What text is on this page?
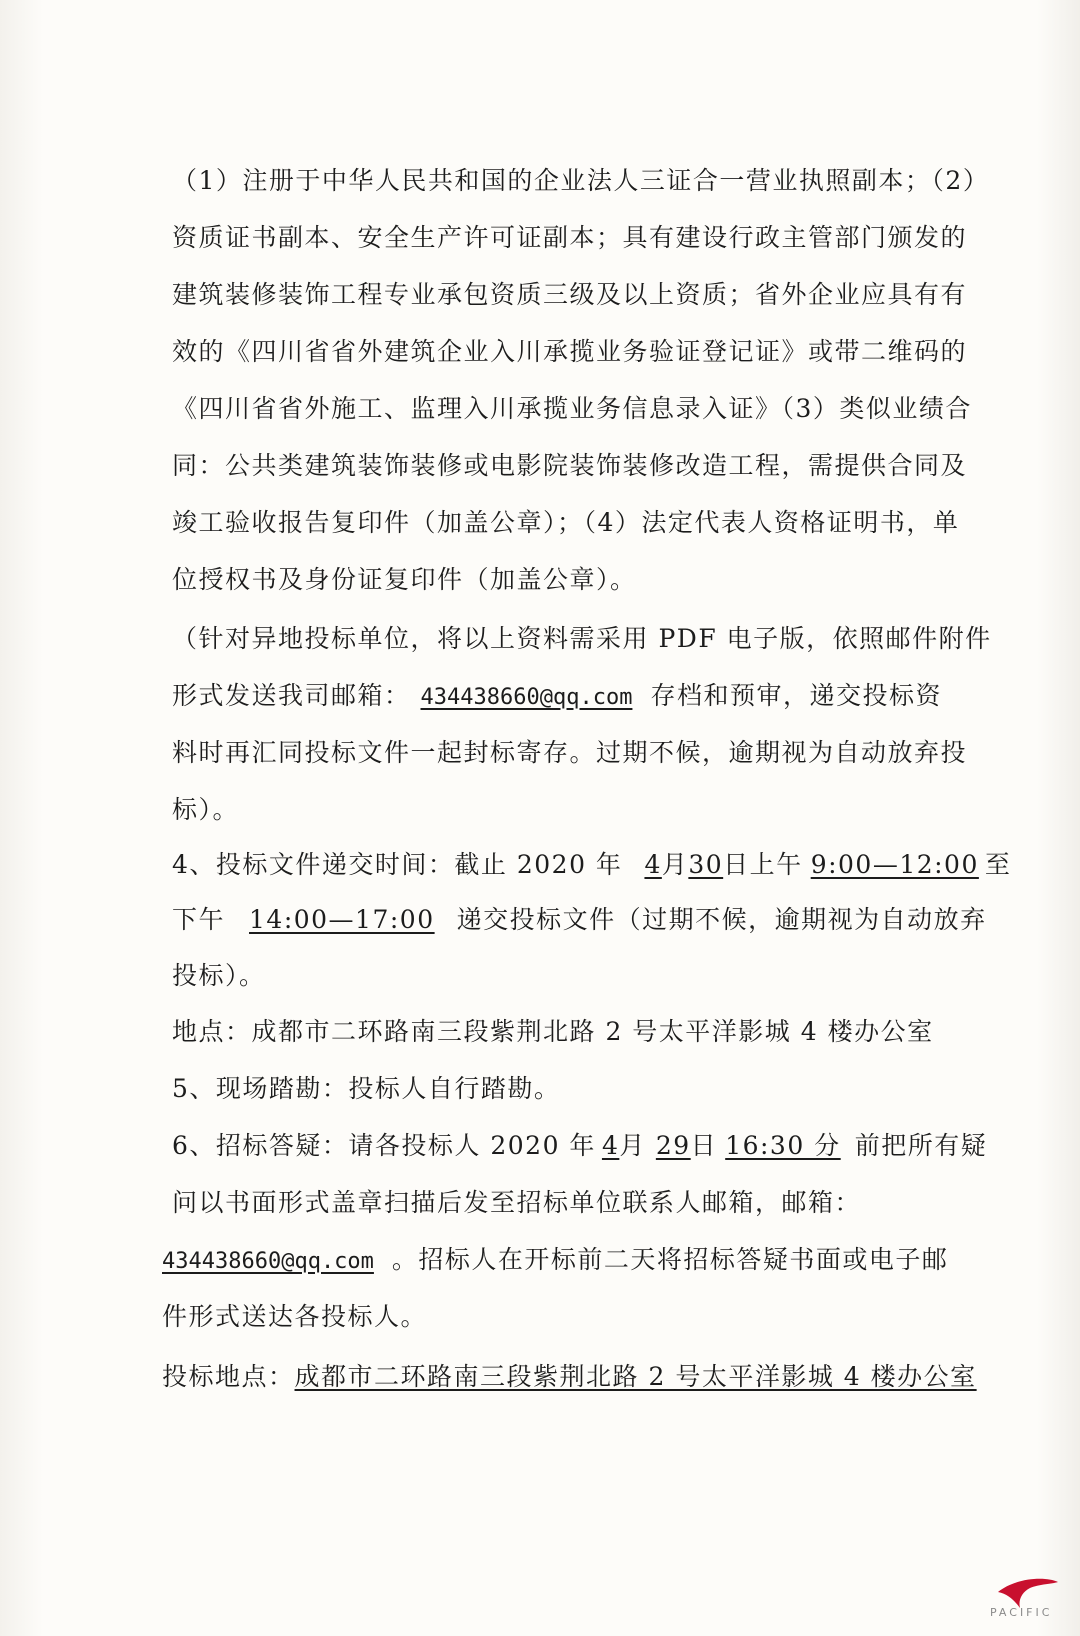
（1）注册于中华人民共和国的企业法人三证合一营业执照副本；（2）
资质证书副本、安全生产许可证副本；具有建设行政主管部门颁发的
建筑装修装饰工程专业承包资质三级及以上资质；省外企业应具有有
效的《四川省省外建筑企业入川承揽业务验证登记证》或带二维码的
《四川省省外施工、监理入川承揽业务信息录入证》（3）类似业绩合
同：公共类建筑装饰装修或电影院装饰装修改造工程，需提供合同及
竣工验收报告复印件（加盖公章）；（4）法定代表人资格证明书，单
位授权书及身份证复印件（加盖公章）。
（针对异地投标单位，将以上资料需采用 PDF 电子版，依照邮件附件
形式发送我司邮箱： 434438660@qq.com 存档和预审，递交投标资
料时再汇同投标文件一起封标寄存。过期不候，逾期视为自动放弃投
标）。
4、投标文件递交时间：截止 2020 年 4月30日上午 9:00—12:00 至
下午 14:00—17:00 递交投标文件（过期不候，逾期视为自动放弃
投标）。
地点：成都市二环路南三段紫荆北路 2 号太平洋影城 4 楼办公室
5、现场踏勘：投标人自行踏勘。
6、招标答疑：请各投标人 2020 年 4月 29日 16:30 分 前把所有疑
问以书面形式盖章扫描后发至招标单位联系人邮箱，邮箱：
434438660@qq.com 。招标人在开标前二天将招标答疑书面或电子邮
件形式送达各投标人。
投标地点：成都市二环路南三段紫荆北路 2 号太平洋影城 4 楼办公室
PACIFIC
